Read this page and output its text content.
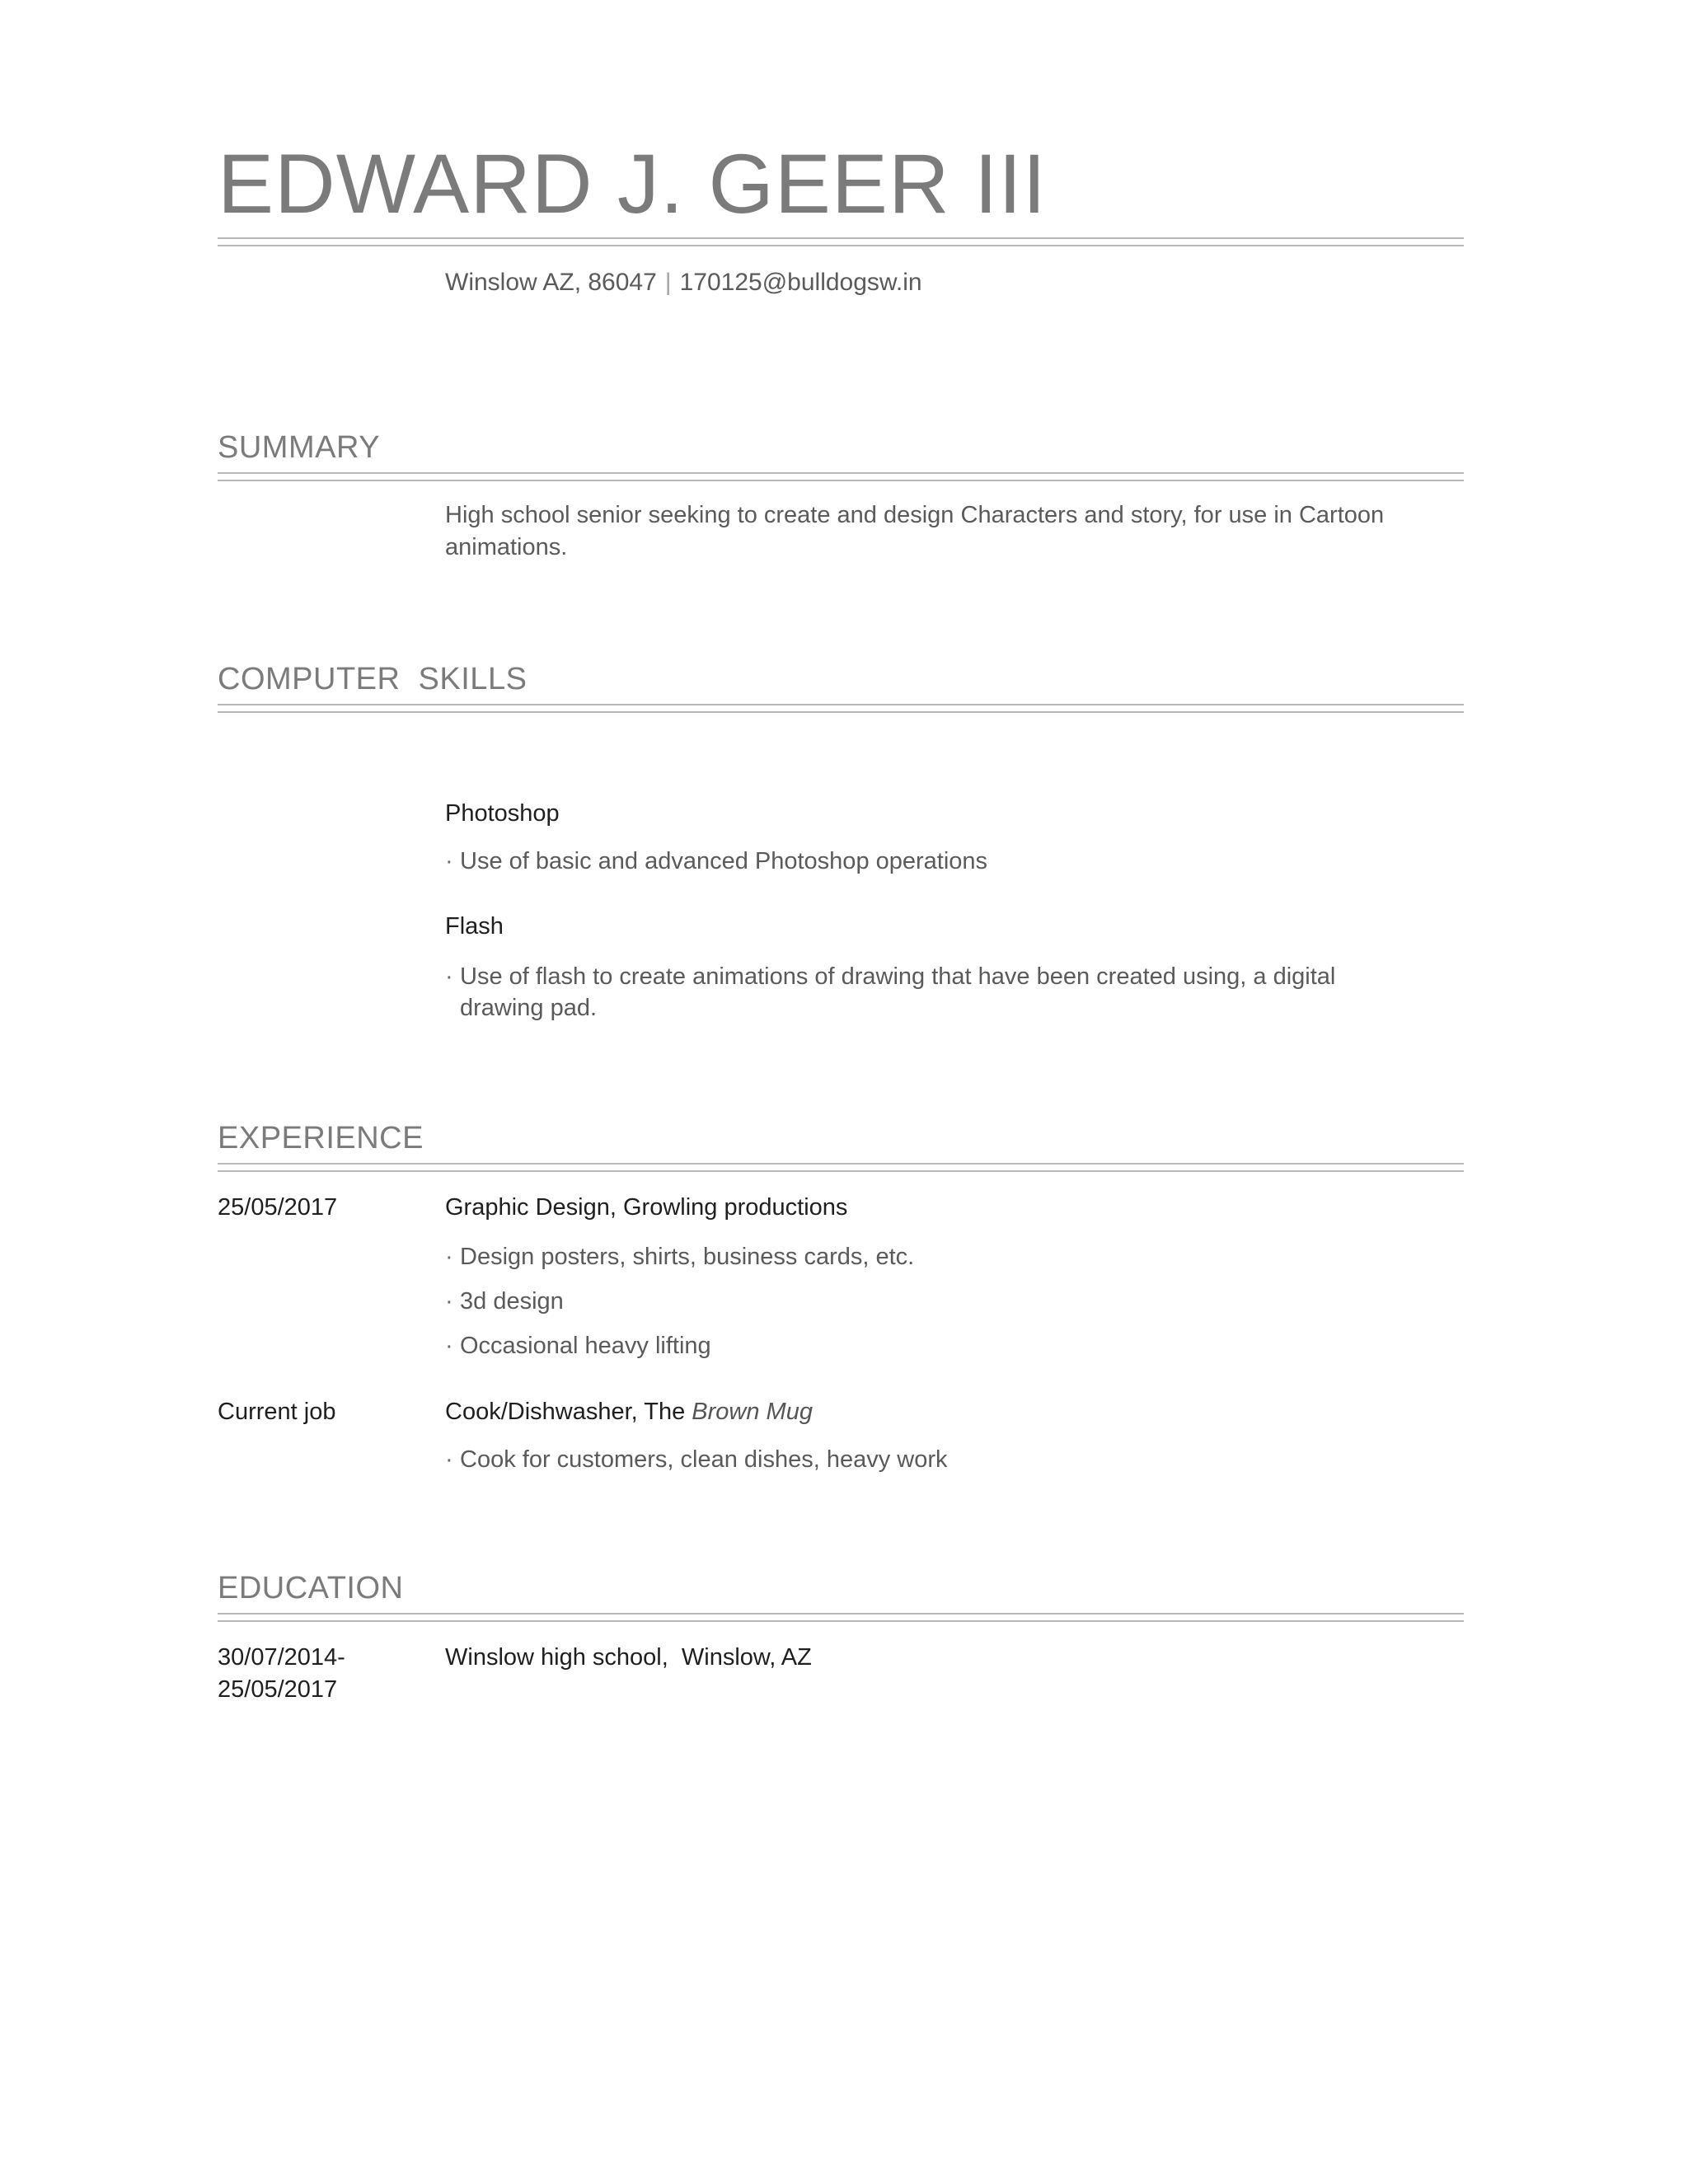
EDWARD J. GEER III
Winslow AZ, 86047 | 170125@bulldogsw.in
SUMMARY
High school senior seeking to create and design Characters and story, for use in Cartoon
animations.
COMPUTER  SKILLS
Photoshop
· Use of basic and advanced Photoshop operations
Flash
· Use of flash to create animations of drawing that have been created using, a digital drawing pad.
EXPERIENCE
25/05/2017	Graphic Design, Growling productions
· Design posters, shirts, business cards, etc.
· 3d design
· Occasional heavy lifting
Current job	Cook/Dishwasher, The Brown Mug
· Cook for customers, clean dishes, heavy work
EDUCATION
30/07/2014-
25/05/2017
Winslow high school,  Winslow, AZ
